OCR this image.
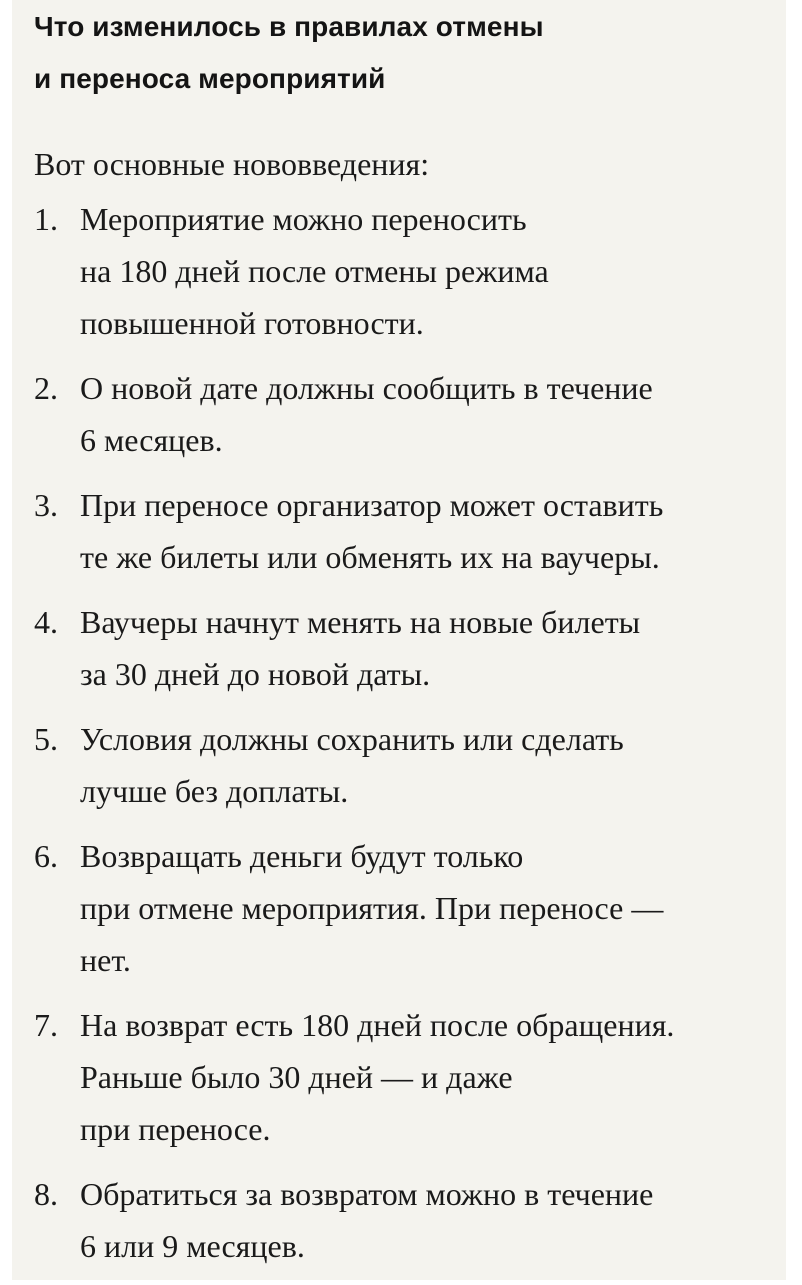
Что изменилось в правилах отмены
и переноса мероприятий

Вот основные нововведения:

1. Мероприятие можно переносить
на 180 дней после отмены режима
повышенной готовности.
2. О новой дате должны сообщить в течение
6 месяцев.
3. При переносе организатор может оставить
те же билеты или обменять их на ваучеры.
4. Ваучеры начнут менять на новые билеты
за 30 дней до новой даты.
5. Условия должны сохранить или сделать
лучше без доплаты.
6. Возвращать деньги будут только
при отмене мероприятия. При переносе —
нет.
7. На возврат есть 180 дней после обращения.
Раньше было 30 дней — и даже
при переносе.
8. Обратиться за возвратом можно в течение
6 или 9 месяцев.
